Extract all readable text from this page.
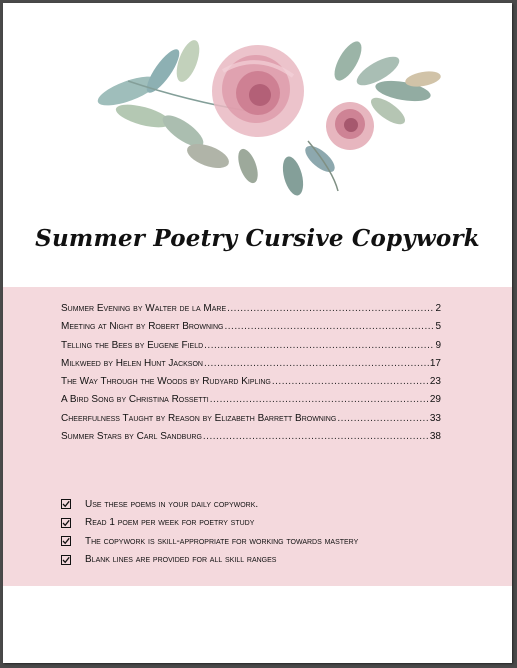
Summer Poetry Cursive Copywork
Summer Evening by Walter de la Mare .....	2
Meeting at Night by Robert Browning .....	5
Telling the Bees by Eugene Field .....	9
Milkweed by Helen Hunt Jackson .....	17
The Way Through the Woods by Rudyard Kipling .....	23
A Bird Song by Christina Rossetti .....	29
Cheerfulness Taught by Reason by Elizabeth Barrett Browning .....	33
Summer Stars by Carl Sandburg .....	38
Use these poems in your daily copywork.
Read 1 poem per week for poetry study
The copywork is skill-appropriate for working towards mastery
Blank lines are provided for all skill ranges
